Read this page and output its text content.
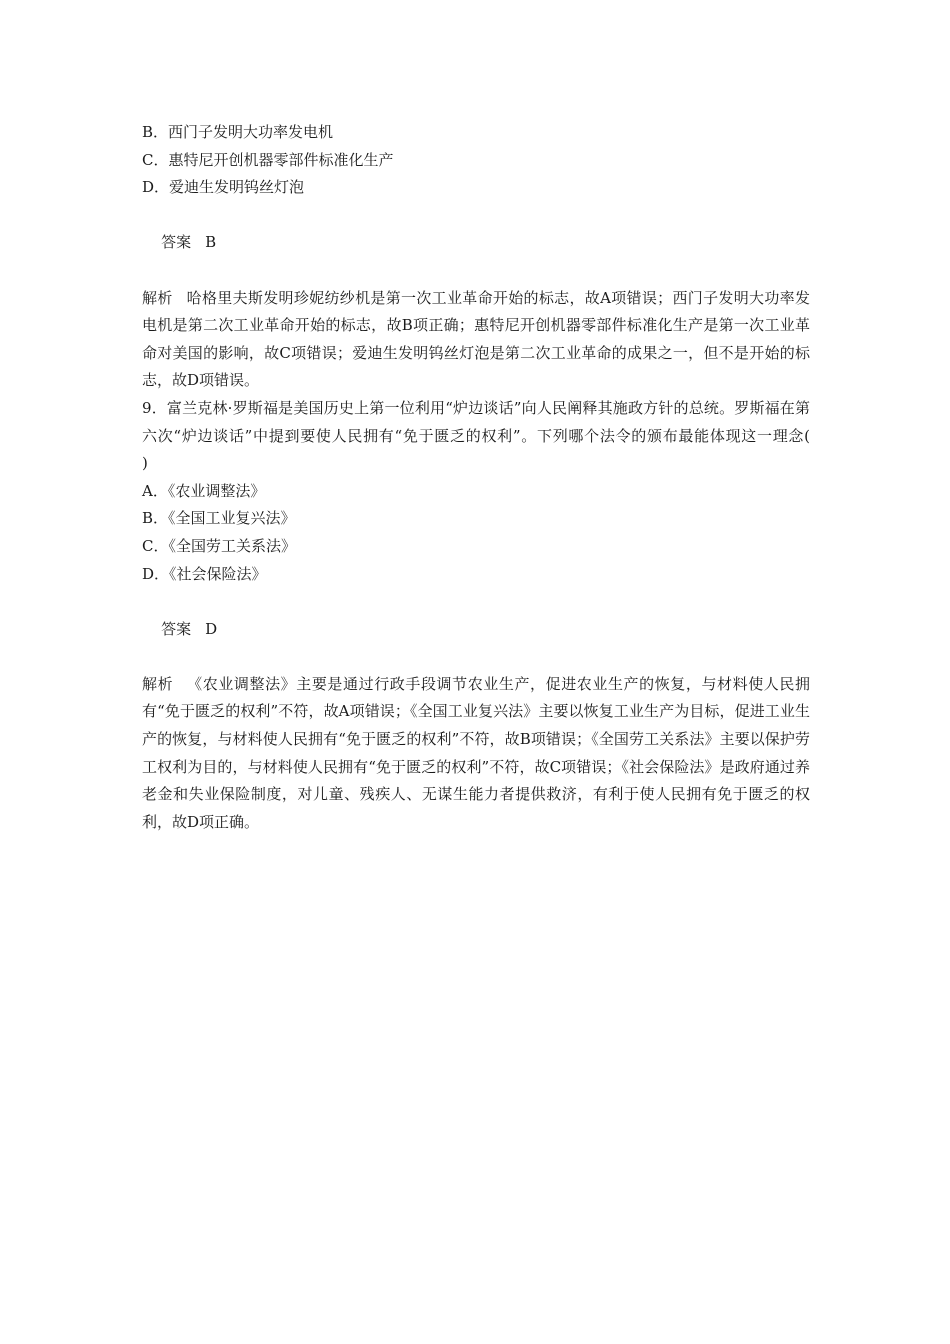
B．西门子发明大功率发电机
C．惠特尼开创机器零部件标准化生产
D．爱迪生发明钨丝灯泡

答案 B

解析 哈格里夫斯发明珍妮纺纱机是第一次工业革命开始的标志，故A项错误；西门子发明大功率发电机是第二次工业革命开始的标志，故B项正确；惠特尼开创机器零部件标准化生产是第一次工业革命对美国的影响，故C项错误；爱迪生发明钨丝灯泡是第二次工业革命的成果之一，但不是开始的标志，故D项错误。
9．富兰克林·罗斯福是美国历史上第一位利用“炉边谈话”向人民阐释其施政方针的总统。罗斯福在第六次“炉边谈话”中提到要使人民拥有“免于匮乏的权利”。下列哪个法令的颁布最能体现这一理念(　　)
A．《农业调整法》
B．《全国工业复兴法》
C．《全国劳工关系法》
D．《社会保险法》

答案 D

解析 《农业调整法》主要是通过行政手段调节农业生产，促进农业生产的恢复，与材料使人民拥有“免于匮乏的权利”不符，故A项错误；《全国工业复兴法》主要以恢复工业生产为目标，促进工业生产的恢复，与材料使人民拥有“免于匮乏的权利”不符，故B项错误；《全国劳工关系法》主要以保护劳工权利为目的，与材料使人民拥有“免于匮乏的权利”不符，故C项错误；《社会保险法》是政府通过养老金和失业保险制度，对儿童、残疾人、无谋生能力者提供救济，有利于使人民拥有免于匮乏的权利，故D项正确。
